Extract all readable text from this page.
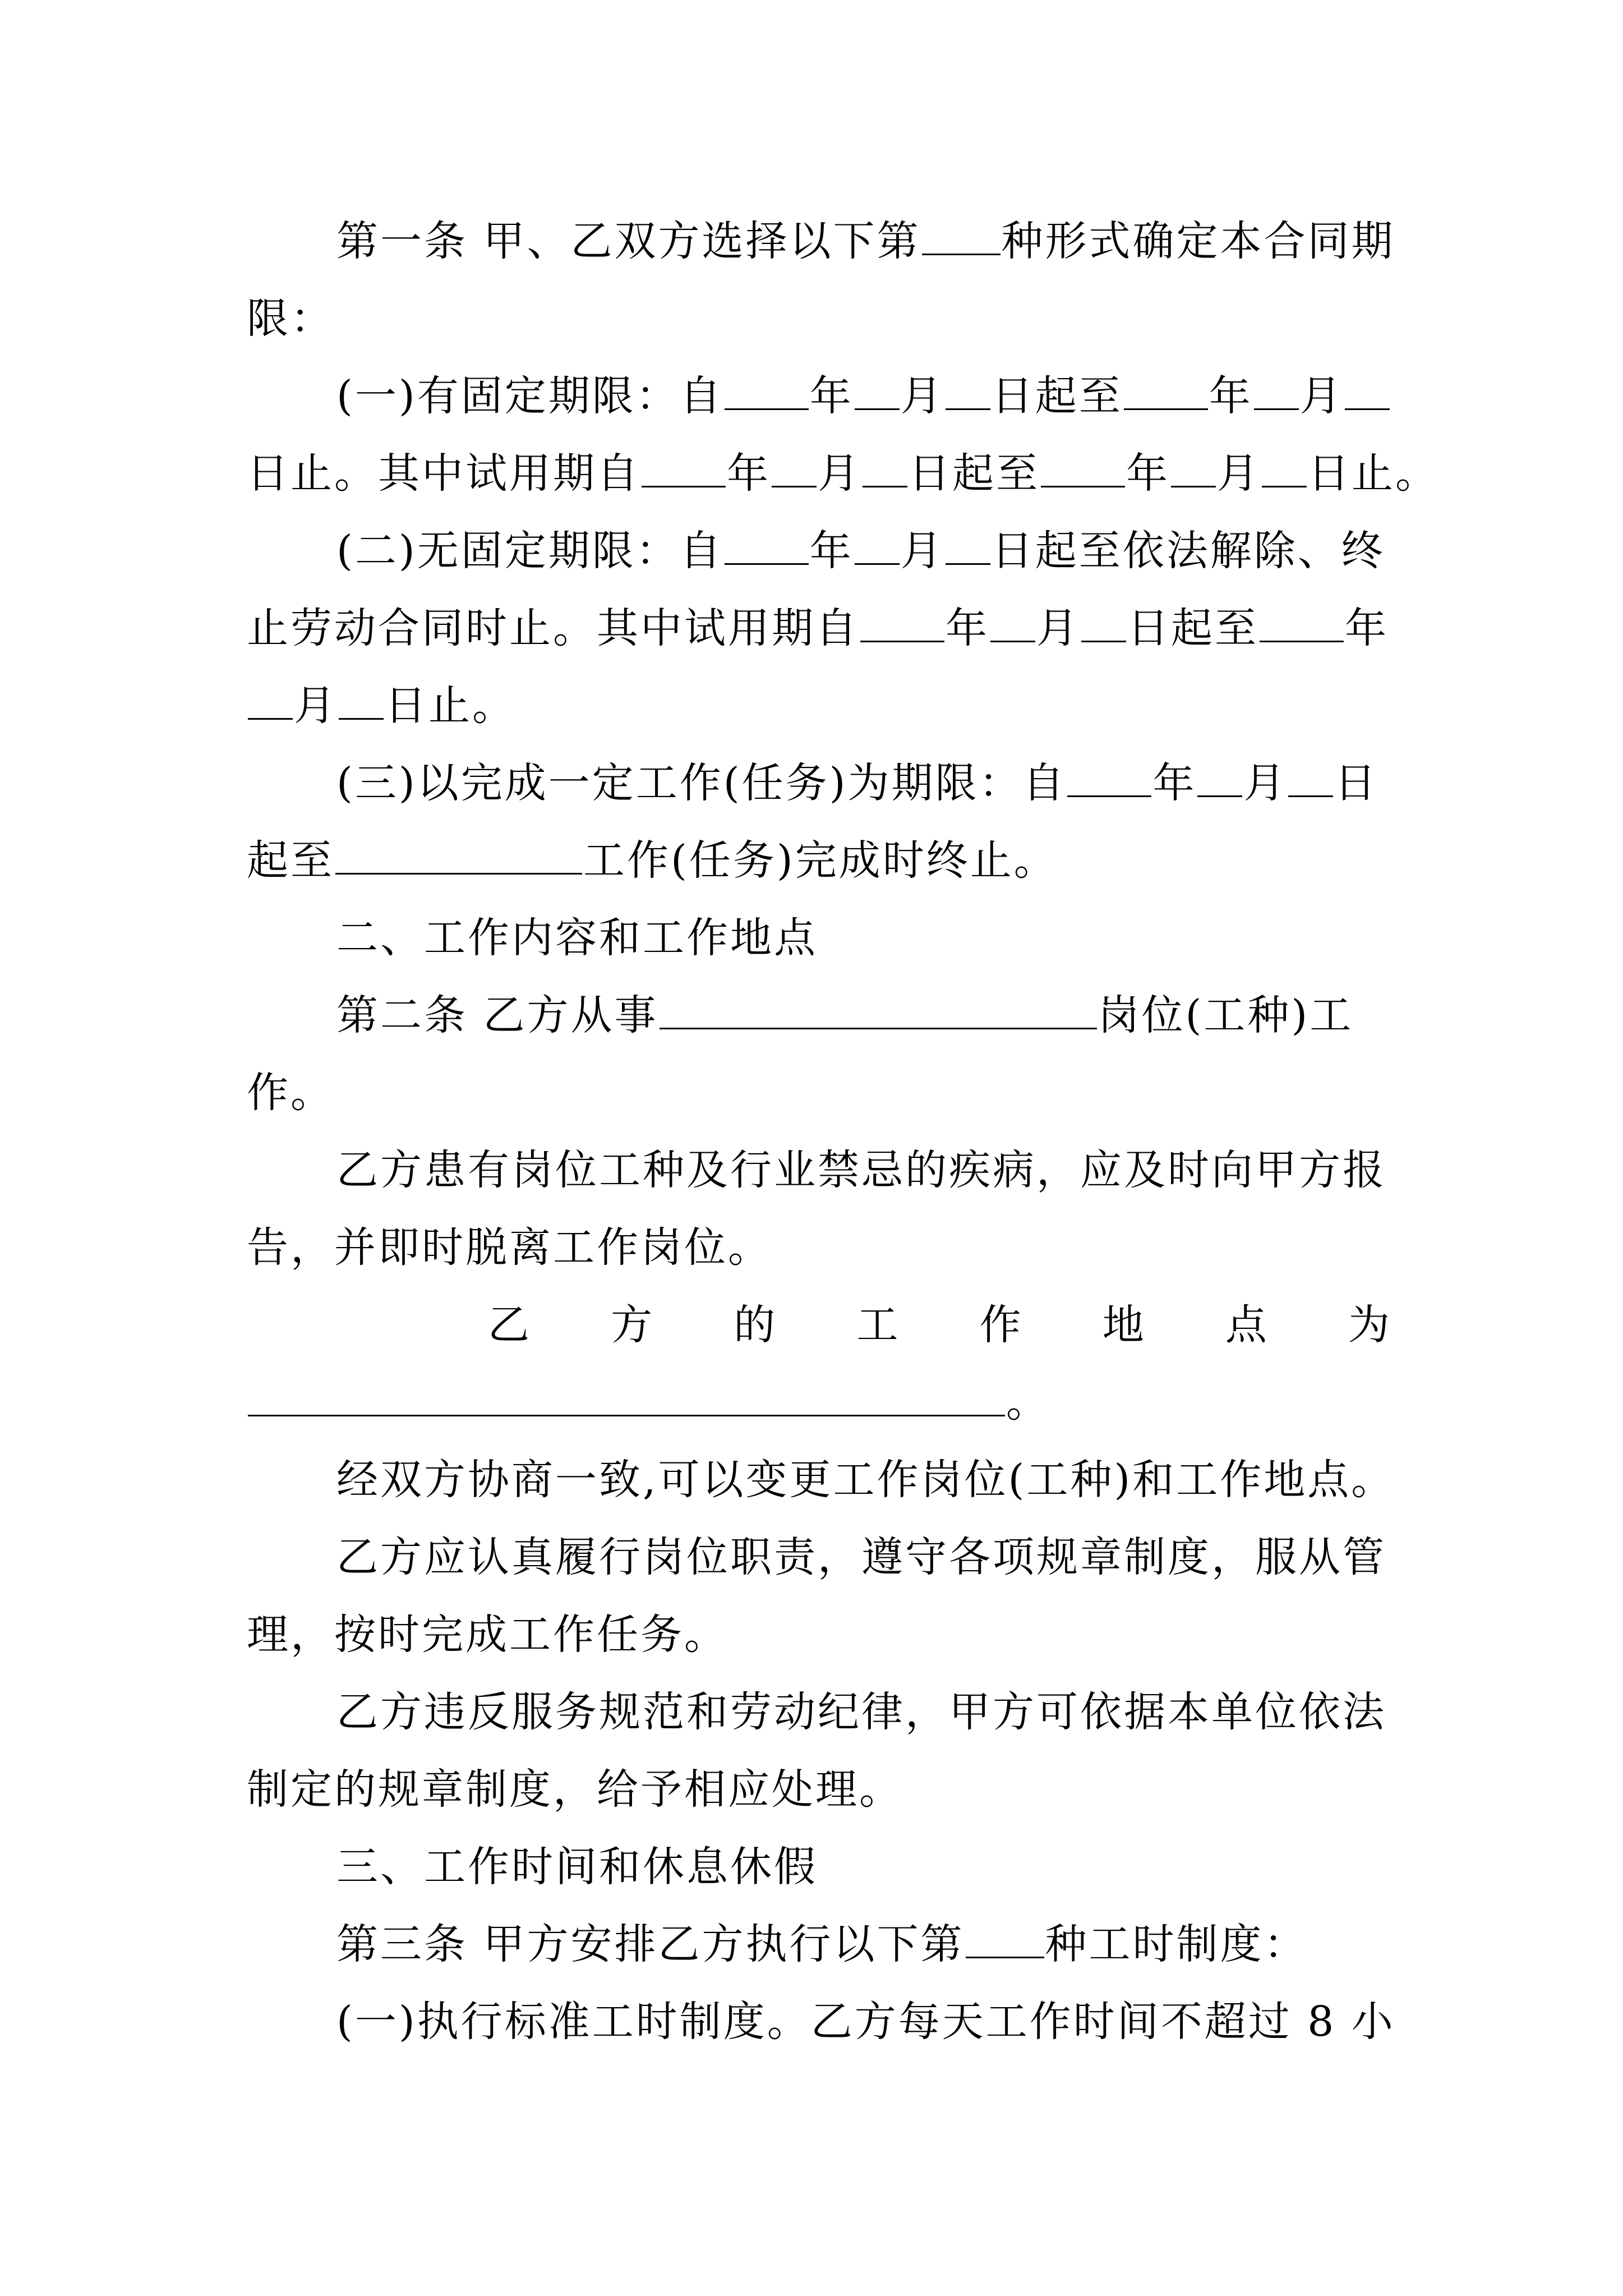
第一条 甲、乙双方选择以下第 种形式确定本合同期

限：

(一)有固定期限：自 年 月 日起至 年 月

日止。其中试用期自 年 月 日起至 年 月 日止。

(二)无固定期限：自 年 月 日起至依法解除、终

止劳动合同时止。其中试用期自 年 月 日起至 年

月 日止。

(三)以完成一定工作(任务)为期限：自 年 月 日

起至	工作(任务)完成时终止。

二、工作内容和工作地点

第二条 乙方从事	岗位(工种)工

作。

乙方患有岗位工种及行业禁忌的疾病，应及时向甲方报

告，并即时脱离工作岗位。

乙 方 的 工 作 地 点 为

。

经双方协商一致,可以变更工作岗位(工种)和工作地点。

乙方应认真履行岗位职责，遵守各项规章制度，服从管

理，按时完成工作任务。

乙方违反服务规范和劳动纪律，甲方可依据本单位依法

制定的规章制度，给予相应处理。

三、工作时间和休息休假

第三条 甲方安排乙方执行以下第 种工时制度：

(一)执行标准工时制度。乙方每天工作时间不超过 8 小
